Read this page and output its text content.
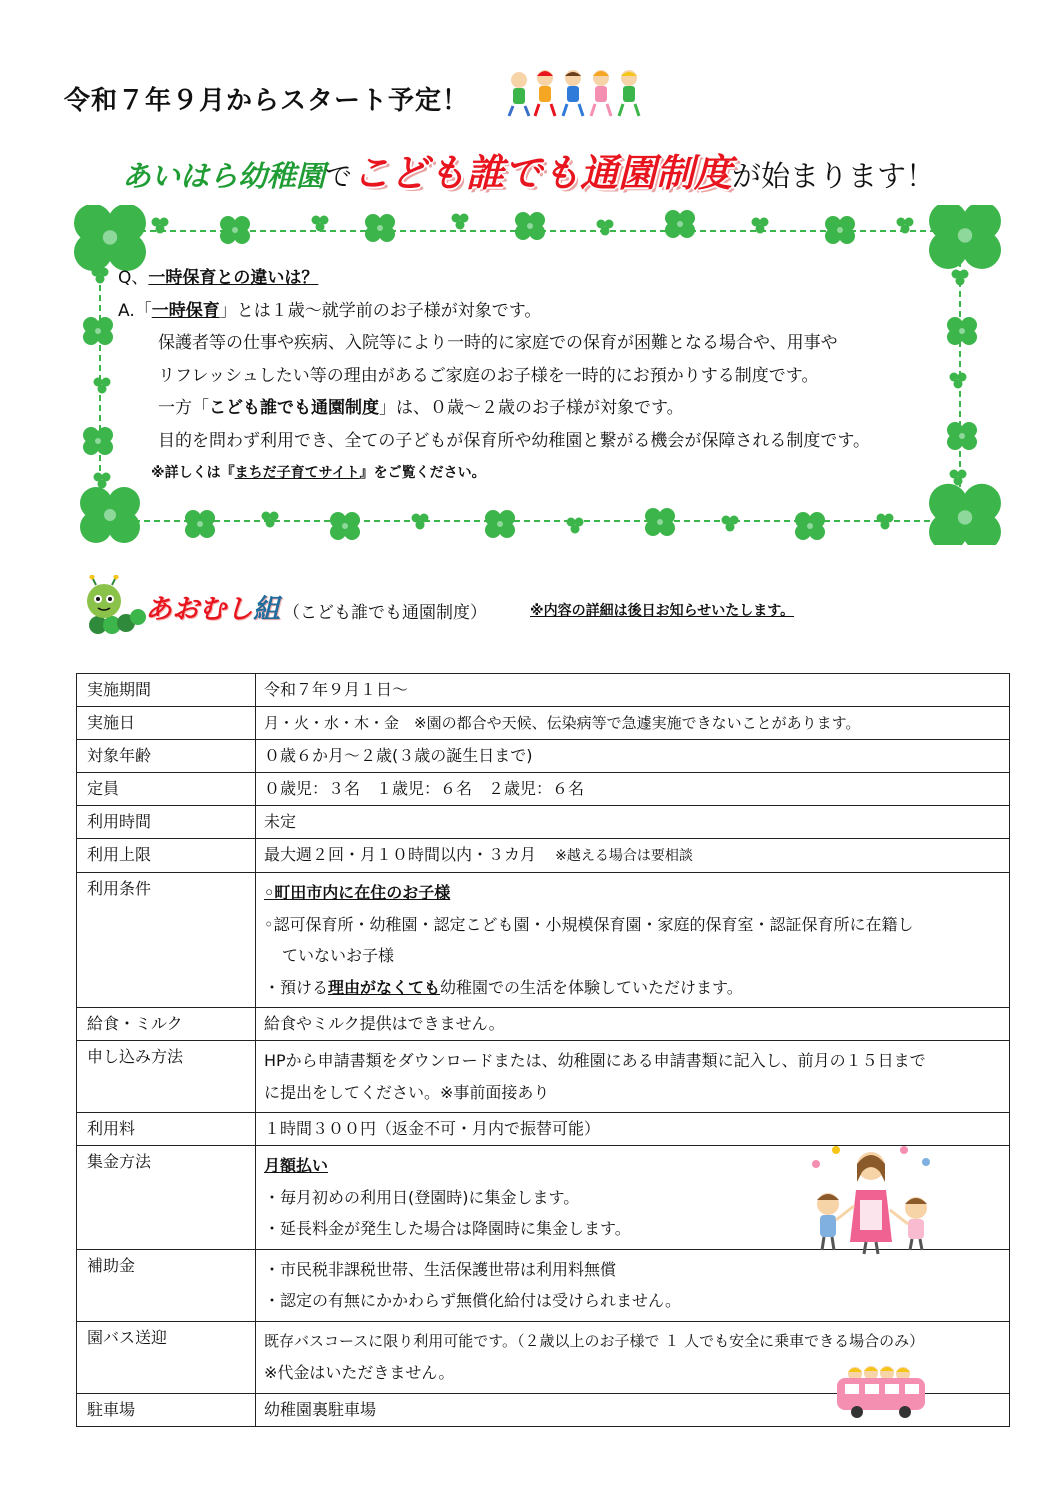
令和７年９月からスタート予定！
あいはら幼稚園でこども誰でも通園制度が始まります！
Q、一時保育との違いは？
A.「一時保育」とは１歳～就学前のお子様が対象です。
保護者等の仕事や疾病、入院等により一時的に家庭での保育が困難となる場合や、用事や
リフレッシュしたい等の理由があるご家庭のお子様を一時的にお預かりする制度です。
一方「こども誰でも通園制度」は、０歳～２歳のお子様が対象です。
目的を問わず利用でき、全ての子どもが保育所や幼稚園と繋がる機会が保障される制度です。
※詳しくは『まちだ子育てサイト』をご覧ください。
あおむし組 （こども誰でも通園制度）	※内容の詳細は後日お知らせいたします。
実施期間	令和７年９月１日～
実施日	月・火・水・木・金　※園の都合や天候、伝染病等で急遽実施できないことがあります。
対象年齢	０歳６か月～２歳(３歳の誕生日まで)
定員	０歳児：３名　１歳児：６名　２歳児：６名
利用時間	未定
利用上限	最大週２回・月１０時間以内・３カ月 ※越える場合は要相談
利用条件	◦町田市内に在住のお子様
◦認可保育所・幼稚園・認定こども園・小規模保育園・家庭的保育室・認証保育所に在籍し
ていないお子様
・預ける理由がなくても幼稚園での生活を体験していただけます。

給食・ミルク	給食やミルク提供はできません。
申し込み方法	HPから申請書類をダウンロードまたは、幼稚園にある申請書類に記入し、前月の１５日まで
に提出をしてください。※事前面接あり

利用料	１時間３００円（返金不可・月内で振替可能）
集金方法	月額払い
・毎月初めの利用日(登園時)に集金します。
・延長料金が発生した場合は降園時に集金します。

補助金	・市民税非課税世帯、生活保護世帯は利用料無償
・認定の有無にかかわらず無償化給付は受けられません。

園バス送迎	既存バスコースに限り利用可能です。（２歳以上のお子様で １ 人でも安全に乗車できる場合のみ）
※代金はいただきません。

駐車場	幼稚園裏駐車場
